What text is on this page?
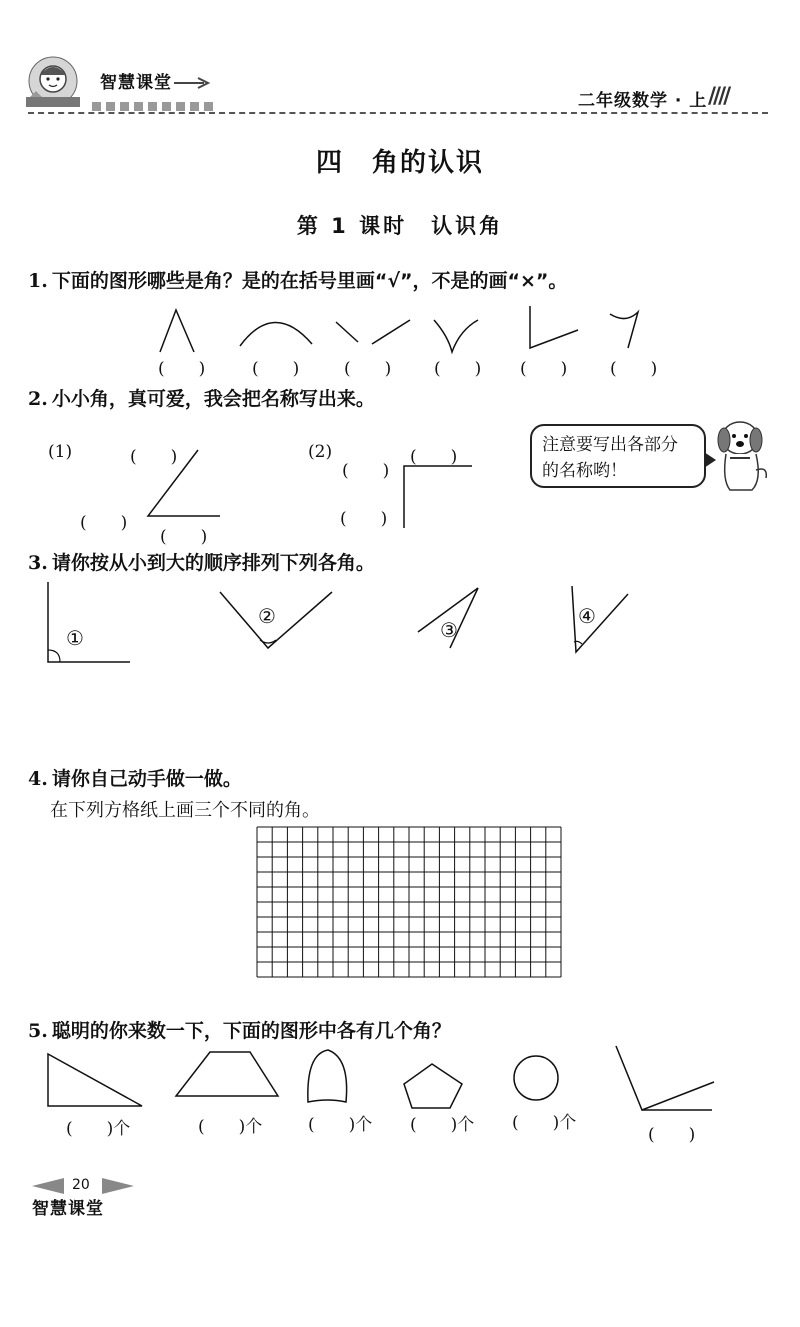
智慧课堂
二年级数学 · 上 ////
四　角的认识
第 1 课时　认识角
1. 下面的图形哪些是角？是的在括号里画“√”，不是的画“×”。
(　　)	(　　)	(　　)	(　　) (　　)	(　　)
2. 小小角，真可爱，我会把名称写出来。
(1)	(　　)
(　　)
(　　)
(2)
(　　)
(　　)
(　　)
注意要写出各部分
的名称哟！
3. 请你按从小到大的顺序排列下列各角。
①
②
③
④
4. 请你自己动手做一做。
在下列方格纸上画三个不同的角。
5. 聪明的你来数一下，下面的图形中各有几个角？
(　　)个	(　　)个	(　　)个 (　　)个 (　　)个
(　　)
20
智慧课堂
